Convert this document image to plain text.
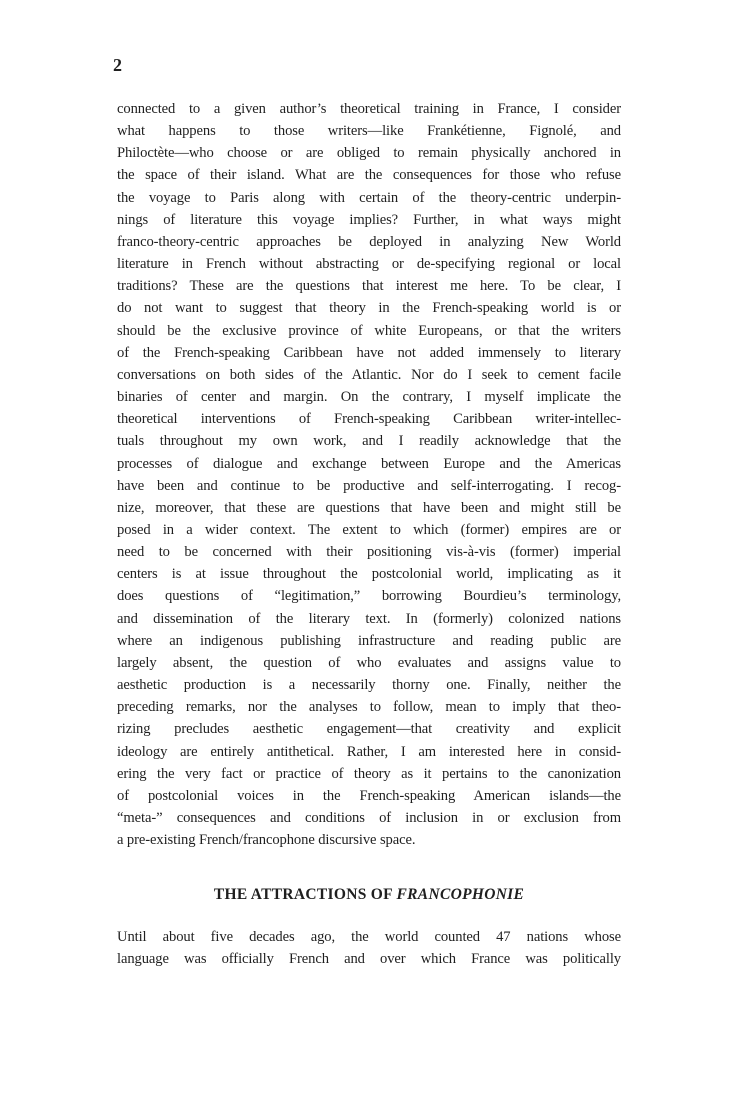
2
connected to a given author’s theoretical training in France, I consider
what happens to those writers—like Frankétienne, Fignolé, and
Philoctète—who choose or are obliged to remain physically anchored in
the space of their island. What are the consequences for those who refuse
the voyage to Paris along with certain of the theory-centric underpin-
nings of literature this voyage implies? Further, in what ways might
franco-theory-centric approaches be deployed in analyzing New World
literature in French without abstracting or de-specifying regional or local
traditions? These are the questions that interest me here. To be clear, I
do not want to suggest that theory in the French-speaking world is or
should be the exclusive province of white Europeans, or that the writers
of the French-speaking Caribbean have not added immensely to literary
conversations on both sides of the Atlantic. Nor do I seek to cement facile
binaries of center and margin. On the contrary, I myself implicate the
theoretical interventions of French-speaking Caribbean writer-intellec-
tuals throughout my own work, and I readily acknowledge that the
processes of dialogue and exchange between Europe and the Americas
have been and continue to be productive and self-interrogating. I recog-
nize, moreover, that these are questions that have been and might still be
posed in a wider context. The extent to which (former) empires are or
need to be concerned with their positioning vis-à-vis (former) imperial
centers is at issue throughout the postcolonial world, implicating as it
does questions of “legitimation,” borrowing Bourdieu’s terminology,
and dissemination of the literary text. In (formerly) colonized nations
where an indigenous publishing infrastructure and reading public are
largely absent, the question of who evaluates and assigns value to
aesthetic production is a necessarily thorny one. Finally, neither the
preceding remarks, nor the analyses to follow, mean to imply that theo-
rizing precludes aesthetic engagement—that creativity and explicit
ideology are entirely antithetical. Rather, I am interested here in consid-
ering the very fact or practice of theory as it pertains to the canonization
of postcolonial voices in the French-speaking American islands—the
“meta-” consequences and conditions of inclusion in or exclusion from
a pre-existing French/francophone discursive space.
THE ATTRACTIONS OF FRANCOPHONIE
Until about five decades ago, the world counted 47 nations whose
language was officially French and over which France was politically
